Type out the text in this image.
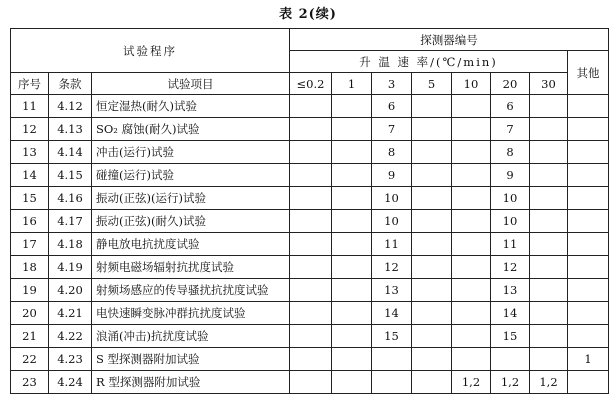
表 2(续)
试验程序			探测器编号							
			升 温 速 率/(℃/min)							其他
序号	条款	试验项目	≤0.2	1	3	5	10	20	30	
11	4.12	恒定湿热(耐久)试验			6			6		
12	4.13	SO₂ 腐蚀(耐久)试验			7			7		
13	4.14	冲击(运行)试验			8			8		
14	4.15	碰撞(运行)试验			9			9		
15	4.16	振动(正弦)(运行)试验			10			10		
16	4.17	振动(正弦)(耐久)试验			10			10		
17	4.18	静电放电抗扰度试验			11			11		
18	4.19	射频电磁场辐射抗扰度试验			12			12		
19	4.20	射频场感应的传导骚扰抗扰度试验			13			13		
20	4.21	电快速瞬变脉冲群抗扰度试验			14			14		
21	4.22	浪涌(冲击)抗扰度试验			15			15		
22	4.23	S 型探测器附加试验								1
23	4.24	R 型探测器附加试验					1,2	1,2	1,2	
